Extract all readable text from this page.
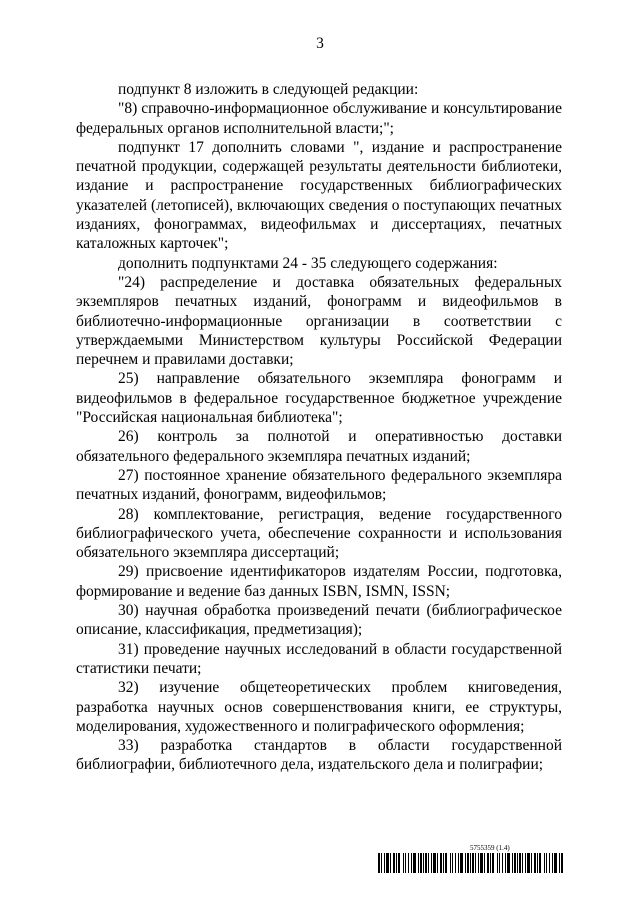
3

подпункт 8 изложить в следующей редакции:

"8) справочно-информационное обслуживание и консультирование федеральных органов исполнительной власти;";

подпункт 17 дополнить словами ", издание и распространение печатной продукции, содержащей результаты деятельности библиотеки, издание и распространение государственных библиографических указателей (летописей), включающих сведения о поступающих печатных изданиях, фонограммах, видеофильмах и диссертациях, печатных каталожных карточек";

дополнить подпунктами 24 - 35 следующего содержания:

"24) распределение и доставка обязательных федеральных экземпляров печатных изданий, фонограмм и видеофильмов в библиотечно-информационные организации в соответствии с утверждаемыми Министерством культуры Российской Федерации перечнем и правилами доставки;

25) направление обязательного экземпляра фонограмм и видеофильмов в федеральное государственное бюджетное учреждение "Российская национальная библиотека";

26) контроль за полнотой и оперативностью доставки обязательного федерального экземпляра печатных изданий;

27) постоянное хранение обязательного федерального экземпляра печатных изданий, фонограмм, видеофильмов;

28) комплектование, регистрация, ведение государственного библиографического учета, обеспечение сохранности и использования обязательного экземпляра диссертаций;

29) присвоение идентификаторов издателям России, подготовка, формирование и ведение баз данных ISBN, ISMN, ISSN;

30) научная обработка произведений печати (библиографическое описание, классификация, предметизация);

31) проведение научных исследований в области государственной статистики печати;

32) изучение общетеоретических проблем книговедения, разработка научных основ совершенствования книги, ее структуры, моделирования, художественного и полиграфического оформления;

33) разработка стандартов в области государственной библиографии, библиотечного дела, издательского дела и полиграфии;

5755359 (1.4)
